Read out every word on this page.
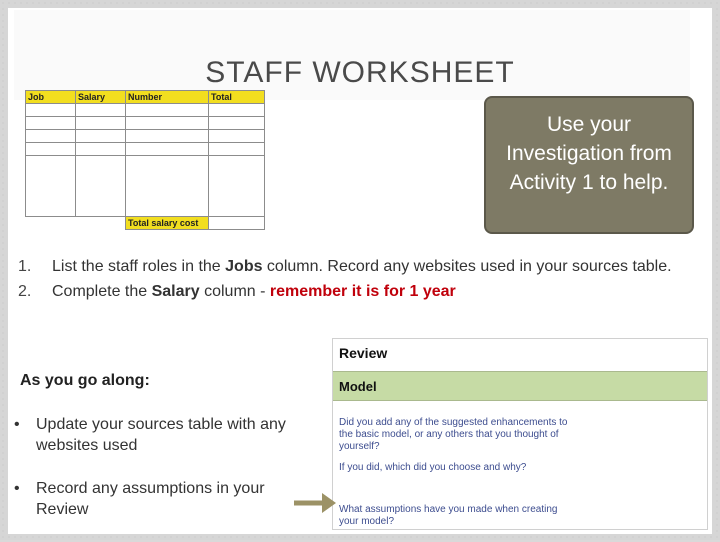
STAFF WORKSHEET
Job	Salary	Number	Total

		Total salary cost	
Use your Investigation from Activity 1 to help.
1.	List the staff roles in the Jobs column. Record any websites used in your sources table.
2.	Complete the Salary column - remember it is for 1 year
As you go along:
•	Update your sources table with any websites used
•	Record any assumptions in your Review
Review
Model
Did you add any of the suggested enhancements to the basic model, or any others that you thought of yourself?
If you did, which did you choose and why?
What assumptions have you made when creating your model?
